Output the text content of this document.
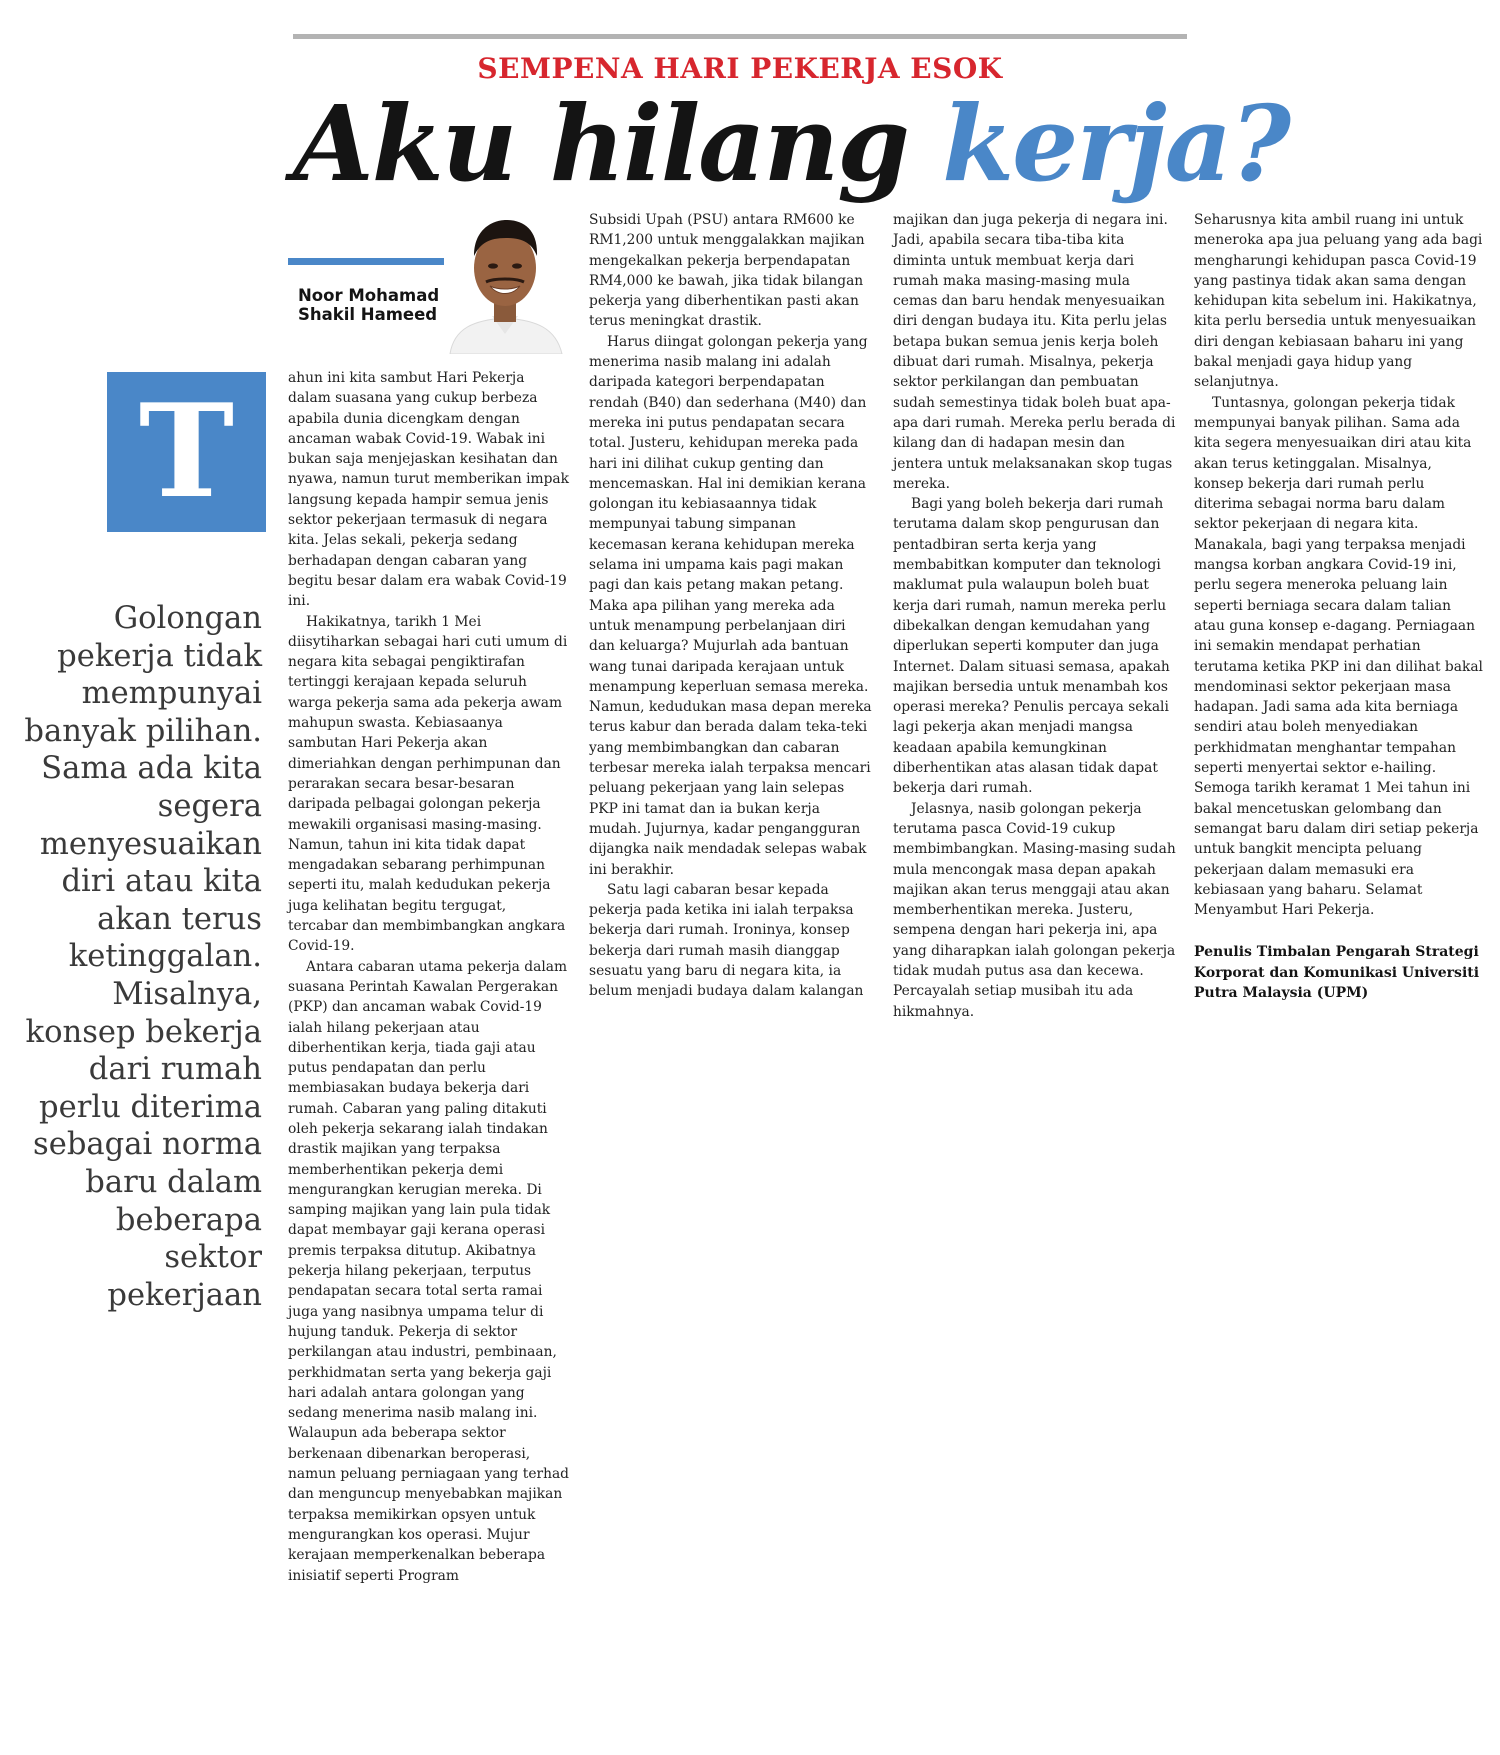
SEMPENA HARI PEKERJA ESOK
Aku hilang kerja?
Noor Mohamad Shakil Hameed
T
Golongan pekerja tidak mempunyai banyak pilihan. Sama ada kita segera menyesuaikan diri atau kita akan terus ketinggalan. Misalnya, konsep bekerja dari rumah perlu diterima sebagai norma baru dalam beberapa sektor pekerjaan

ahun ini kita sambut Hari Pekerja dalam suasana yang cukup berbeza apabila dunia dicengkam dengan ancaman wabak Covid-19. Wabak ini bukan saja menjejaskan kesihatan dan nyawa, namun turut memberikan impak langsung kepada hampir semua jenis sektor pekerjaan termasuk di negara kita. Jelas sekali, pekerja sedang berhadapan dengan cabaran yang begitu besar dalam era wabak Covid-19 ini.

Hakikatnya, tarikh 1 Mei diisytiharkan sebagai hari cuti umum di negara kita sebagai pengiktirafan tertinggi kerajaan kepada seluruh warga pekerja sama ada pekerja awam mahupun swasta. Kebiasaanya sambutan Hari Pekerja akan dimeriahkan dengan perhimpunan dan perarakan secara besar-besaran daripada pelbagai golongan pekerja mewakili organisasi masing-masing. Namun, tahun ini kita tidak dapat mengadakan sebarang perhimpunan seperti itu, malah kedudukan pekerja juga kelihatan begitu tergugat, tercabar dan membimbangkan angkara Covid-19.

Antara cabaran utama pekerja dalam suasana Perintah Kawalan Pergerakan (PKP) dan ancaman wabak Covid-19 ialah hilang pekerjaan atau diberhentikan kerja, tiada gaji atau putus pendapatan dan perlu membiasakan budaya bekerja dari rumah. Cabaran yang paling ditakuti oleh pekerja sekarang ialah tindakan drastik majikan yang terpaksa memberhentikan pekerja demi mengurangkan kerugian mereka. Di samping majikan yang lain pula tidak dapat membayar gaji kerana operasi premis terpaksa ditutup. Akibatnya pekerja hilang pekerjaan, terputus pendapatan secara total serta ramai juga yang nasibnya umpama telur di hujung tanduk. Pekerja di sektor perkilangan atau industri, pembinaan, perkhidmatan serta yang bekerja gaji hari adalah antara golongan yang sedang menerima nasib malang ini. Walaupun ada beberapa sektor berkenaan dibenarkan beroperasi, namun peluang perniagaan yang terhad dan menguncup menyebabkan majikan terpaksa memikirkan opsyen untuk mengurangkan kos operasi. Mujur kerajaan memperkenalkan beberapa inisiatif seperti Program

Subsidi Upah (PSU) antara RM600 ke RM1,200 untuk menggalakkan majikan mengekalkan pekerja berpendapatan RM4,000 ke bawah, jika tidak bilangan pekerja yang diberhentikan pasti akan terus meningkat drastik.

Harus diingat golongan pekerja yang menerima nasib malang ini adalah daripada kategori berpendapatan rendah (B40) dan sederhana (M40) dan mereka ini putus pendapatan secara total. Justeru, kehidupan mereka pada hari ini dilihat cukup genting dan mencemaskan. Hal ini demikian kerana golongan itu kebiasaannya tidak mempunyai tabung simpanan kecemasan kerana kehidupan mereka selama ini umpama kais pagi makan pagi dan kais petang makan petang. Maka apa pilihan yang mereka ada untuk menampung perbelanjaan diri dan keluarga? Mujurlah ada bantuan wang tunai daripada kerajaan untuk menampung keperluan semasa mereka. Namun, kedudukan masa depan mereka terus kabur dan berada dalam teka-teki yang membimbangkan dan cabaran terbesar mereka ialah terpaksa mencari peluang pekerjaan yang lain selepas PKP ini tamat dan ia bukan kerja mudah. Jujurnya, kadar pengangguran dijangka naik mendadak selepas wabak ini berakhir.

Satu lagi cabaran besar kepada pekerja pada ketika ini ialah terpaksa bekerja dari rumah. Ironinya, konsep bekerja dari rumah masih dianggap sesuatu yang baru di negara kita, ia belum menjadi budaya dalam kalangan

majikan dan juga pekerja di negara ini. Jadi, apabila secara tiba-tiba kita diminta untuk membuat kerja dari rumah maka masing-masing mula cemas dan baru hendak menyesuaikan diri dengan budaya itu. Kita perlu jelas betapa bukan semua jenis kerja boleh dibuat dari rumah. Misalnya, pekerja sektor perkilangan dan pembuatan sudah semestinya tidak boleh buat apa-apa dari rumah. Mereka perlu berada di kilang dan di hadapan mesin dan jentera untuk melaksanakan skop tugas mereka.

Bagi yang boleh bekerja dari rumah terutama dalam skop pengurusan dan pentadbiran serta kerja yang membabitkan komputer dan teknologi maklumat pula walaupun boleh buat kerja dari rumah, namun mereka perlu dibekalkan dengan kemudahan yang diperlukan seperti komputer dan juga Internet. Dalam situasi semasa, apakah majikan bersedia untuk menambah kos operasi mereka? Penulis percaya sekali lagi pekerja akan menjadi mangsa keadaan apabila kemungkinan diberhentikan atas alasan tidak dapat bekerja dari rumah.

Jelasnya, nasib golongan pekerja terutama pasca Covid-19 cukup membimbangkan. Masing-masing sudah mula mencongak masa depan apakah majikan akan terus menggaji atau akan memberhentikan mereka. Justeru, sempena dengan hari pekerja ini, apa yang diharapkan ialah golongan pekerja tidak mudah putus asa dan kecewa. Percayalah setiap musibah itu ada hikmahnya.

Seharusnya kita ambil ruang ini untuk meneroka apa jua peluang yang ada bagi mengharungi kehidupan pasca Covid-19 yang pastinya tidak akan sama dengan kehidupan kita sebelum ini. Hakikatnya, kita perlu bersedia untuk menyesuaikan diri dengan kebiasaan baharu ini yang bakal menjadi gaya hidup yang selanjutnya.

Tuntasnya, golongan pekerja tidak mempunyai banyak pilihan. Sama ada kita segera menyesuaikan diri atau kita akan terus ketinggalan. Misalnya, konsep bekerja dari rumah perlu diterima sebagai norma baru dalam sektor pekerjaan di negara kita. Manakala, bagi yang terpaksa menjadi mangsa korban angkara Covid-19 ini, perlu segera meneroka peluang lain seperti berniaga secara dalam talian atau guna konsep e-dagang. Perniagaan ini semakin mendapat perhatian terutama ketika PKP ini dan dilihat bakal mendominasi sektor pekerjaan masa hadapan. Jadi sama ada kita berniaga sendiri atau boleh menyediakan perkhidmatan menghantar tempahan seperti menyertai sektor e-hailing. Semoga tarikh keramat 1 Mei tahun ini bakal mencetuskan gelombang dan semangat baru dalam diri setiap pekerja untuk bangkit mencipta peluang pekerjaan dalam memasuki era kebiasaan yang baharu. Selamat Menyambut Hari Pekerja.

Penulis Timbalan Pengarah Strategi Korporat dan Komunikasi Universiti Putra Malaysia (UPM)
